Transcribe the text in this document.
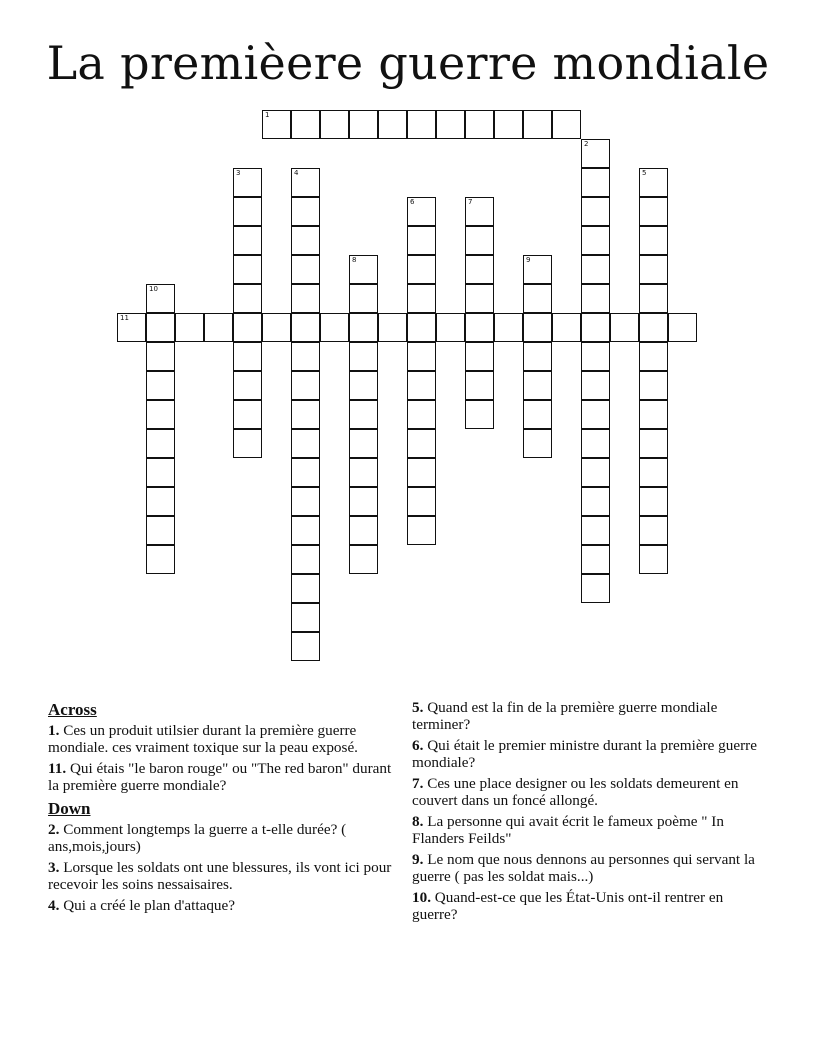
La premièere guerre mondiale
1
11
2
3	4	5
6	7
8	9
10
Across
1. Ces un produit utilsier durant la première guerre mondiale. ces vraiment toxique sur la peau exposé.
11. Qui étais "le baron rouge" ou "The red baron" durant la première guerre mondiale?
Down
2. Comment longtemps la guerre a t-elle durée? ( ans,mois,jours)
3. Lorsque les soldats ont une blessures, ils vont ici pour recevoir les soins nessaisaires.
4. Qui a créé le plan d'attaque?
5. Quand est la fin de la première guerre mondiale terminer?
6. Qui était le premier ministre durant la première guerre mondiale?
7. Ces une place designer ou les soldats demeurent en couvert dans un foncé allongé.
8. La personne qui avait écrit le fameux poème " In Flanders Feilds"
9. Le nom que nous dennons au personnes qui servant la guerre ( pas les soldat mais...)
10. Quand-est-ce que les État-Unis ont-il rentrer en guerre?
